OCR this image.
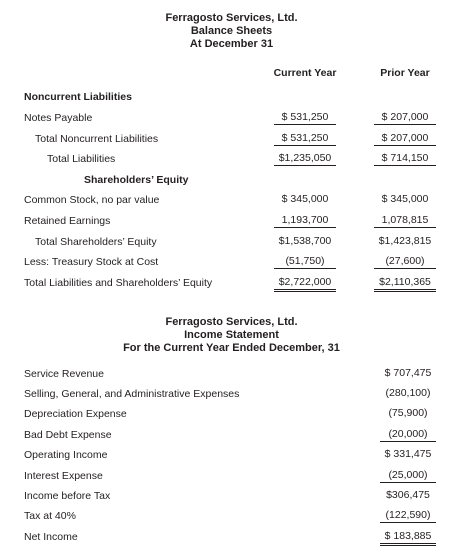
Ferragosto Services, Ltd.
Balance Sheets
At December 31
Current Year	Prior Year
Noncurrent Liabilities
Notes Payable	$ 531,250	$ 207,000
Total Noncurrent Liabilities	$ 531,250	$ 207,000
Total Liabilities	$1,235,050	$ 714,150
Shareholders’ Equity
Common Stock, no par value	$ 345,000	$ 345,000
Retained Earnings	1,193,700	1,078,815
Total Shareholders’ Equity	$1,538,700	$1,423,815
Less: Treasury Stock at Cost	(51,750)	(27,600)
Total Liabilities and Shareholders’ Equity	$2,722,000	$2,110,365
Ferragosto Services, Ltd.
Income Statement
For the Current Year Ended December, 31
Service Revenue	$ 707,475
Selling, General, and Administrative Expenses	(280,100)
Depreciation Expense	(75,900)
Bad Debt Expense	(20,000)
Operating Income	$ 331,475
Interest Expense	(25,000)
Income before Tax	$306,475
Tax at 40%	(122,590)
Net Income	$ 183,885
